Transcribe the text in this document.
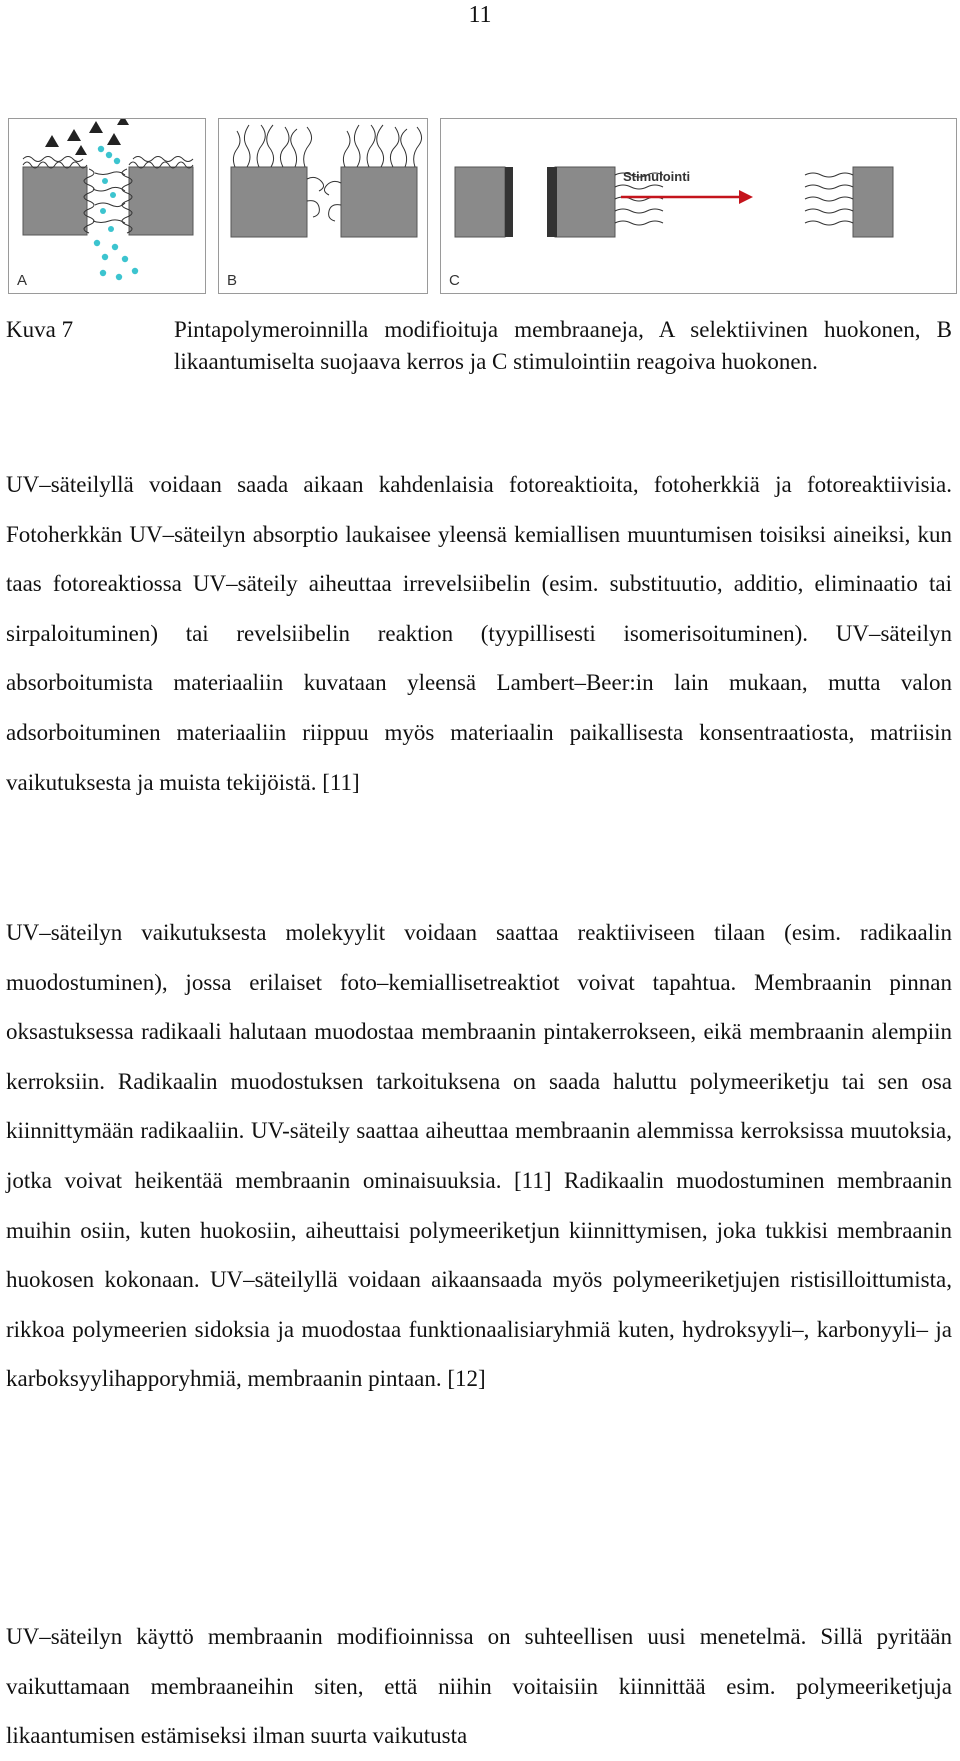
11
A	B
Stimulointi
C
Kuva 7	Pintapolymeroinnilla modifioituja membraaneja, A selektiivinen huokonen, B likaantumiselta suojaava kerros ja C stimulointiin reagoiva huokonen.

UV–säteilyllä voidaan saada aikaan kahdenlaisia fotoreaktioita, fotoherkkiä ja fotoreaktiivisia. Fotoherkkän UV–säteilyn absorptio laukaisee yleensä kemiallisen muuntumisen toisiksi aineiksi, kun taas fotoreaktiossa UV–säteily aiheuttaa irrevelsiibelin (esim. substituutio, additio, eliminaatio tai sirpaloituminen) tai revelsiibelin reaktion (tyypillisesti isomerisoituminen). UV–säteilyn absorboitumista materiaaliin kuvataan yleensä Lambert–Beer:in lain mukaan, mutta valon adsorboituminen materiaaliin riippuu myös materiaalin paikallisesta konsentraatiosta, matriisin vaikutuksesta ja muista tekijöistä. [11]

UV–säteilyn vaikutuksesta molekyylit voidaan saattaa reaktiiviseen tilaan (esim. radikaalin muodostuminen), jossa erilaiset foto–kemiallisetreaktiot voivat tapahtua. Membraanin pinnan oksastuksessa radikaali halutaan muodostaa membraanin pintakerrokseen, eikä membraanin alempiin kerroksiin. Radikaalin muodostuksen tarkoituksena on saada haluttu polymeeriketju tai sen osa kiinnittymään radikaaliin. UV-säteily saattaa aiheuttaa membraanin alemmissa kerroksissa muutoksia, jotka voivat heikentää membraanin ominaisuuksia. [11] Radikaalin muodostuminen membraanin muihin osiin, kuten huokosiin, aiheuttaisi polymeeriketjun kiinnittymisen, joka tukkisi membraanin huokosen kokonaan. UV–säteilyllä voidaan aikaansaada myös polymeeriketjujen ristisilloittumista, rikkoa polymeerien sidoksia ja muodostaa funktionaalisiaryhmiä kuten, hydroksyyli–, karbonyyli– ja karboksyylihapporyhmiä, membraanin pintaan. [12]

UV–säteilyn käyttö membraanin modifioinnissa on suhteellisen uusi menetelmä. Sillä pyritään vaikuttamaan membraaneihin siten, että niihin voitaisiin kiinnittää esim. polymeeriketjuja likaantumisen estämiseksi ilman suurta vaikutusta
